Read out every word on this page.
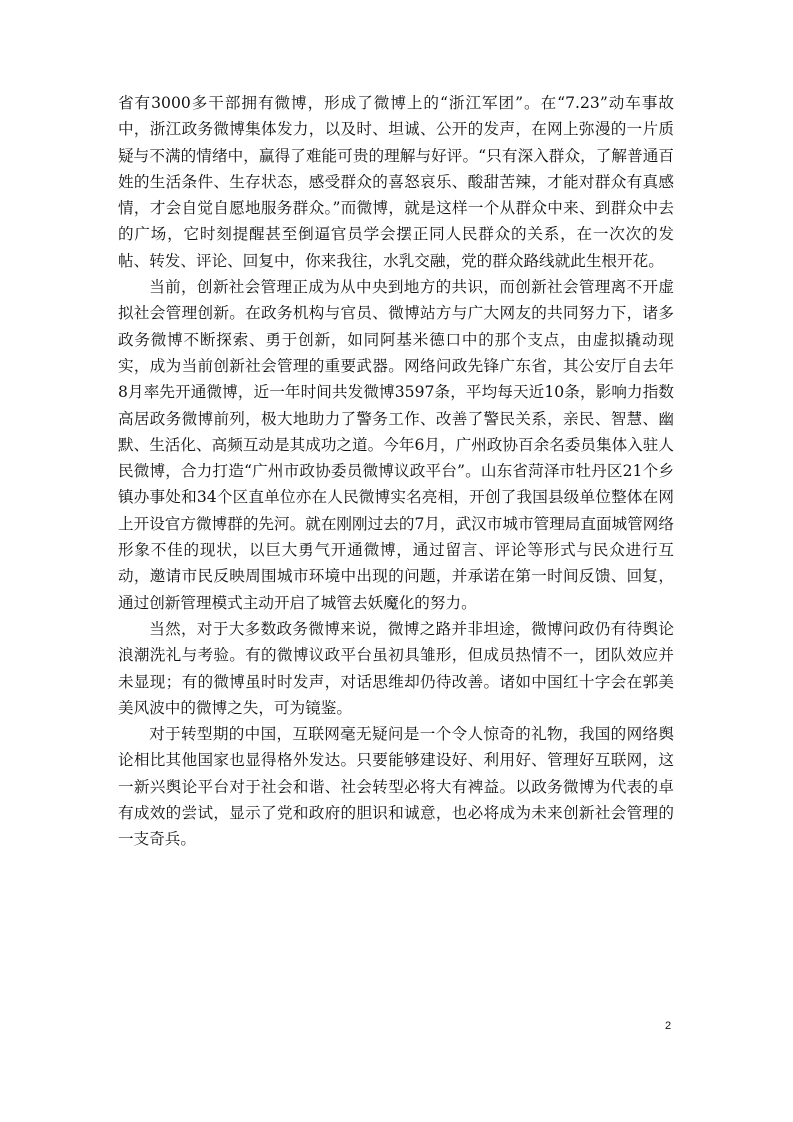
省有3000多干部拥有微博，形成了微博上的“浙江军团”。在“7.23”动车事故中，浙江政务微博集体发力，以及时、坦诚、公开的发声，在网上弥漫的一片质疑与不满的情绪中，赢得了难能可贵的理解与好评。“只有深入群众，了解普通百姓的生活条件、生存状态，感受群众的喜怒哀乐、酸甜苦辣，才能对群众有真感情，才会自觉自愿地服务群众。”而微博，就是这样一个从群众中来、到群众中去的广场，它时刻提醒甚至倒逼官员学会摆正同人民群众的关系，在一次次的发帖、转发、评论、回复中，你来我往，水乳交融，党的群众路线就此生根开花。

当前，创新社会管理正成为从中央到地方的共识，而创新社会管理离不开虚拟社会管理创新。在政务机构与官员、微博站方与广大网友的共同努力下，诸多政务微博不断探索、勇于创新，如同阿基米德口中的那个支点，由虚拟撬动现实，成为当前创新社会管理的重要武器。网络问政先锋广东省，其公安厅自去年 8月率先开通微博，近一年时间共发微博3597条，平均每天近10条，影响力指数高居政务微博前列，极大地助力了警务工作、改善了警民关系，亲民、智慧、幽默、生活化、高频互动是其成功之道。今年6月，广州政协百余名委员集体入驻人民微博，合力打造“广州市政协委员微博议政平台”。山东省菏泽市牡丹区21个乡镇办事处和34个区直单位亦在人民微博实名亮相，开创了我国县级单位整体在网上开设官方微博群的先河。就在刚刚过去的7月，武汉市城市管理局直面城管网络形象不佳的现状，以巨大勇气开通微博，通过留言、评论等形式与民众进行互动，邀请市民反映周围城市环境中出现的问题，并承诺在第一时间反馈、回复，通过创新管理模式主动开启了城管去妖魔化的努力。

当然，对于大多数政务微博来说，微博之路并非坦途，微博问政仍有待舆论浪潮洗礼与考验。有的微博议政平台虽初具雏形，但成员热情不一，团队效应并未显现；有的微博虽时时发声，对话思维却仍待改善。诸如中国红十字会在郭美美风波中的微博之失，可为镜鉴。

对于转型期的中国，互联网毫无疑问是一个令人惊奇的礼物，我国的网络舆论相比其他国家也显得格外发达。只要能够建设好、利用好、管理好互联网，这一新兴舆论平台对于社会和谐、社会转型必将大有裨益。以政务微博为代表的卓有成效的尝试，显示了党和政府的胆识和诚意，也必将成为未来创新社会管理的一支奇兵。

2
